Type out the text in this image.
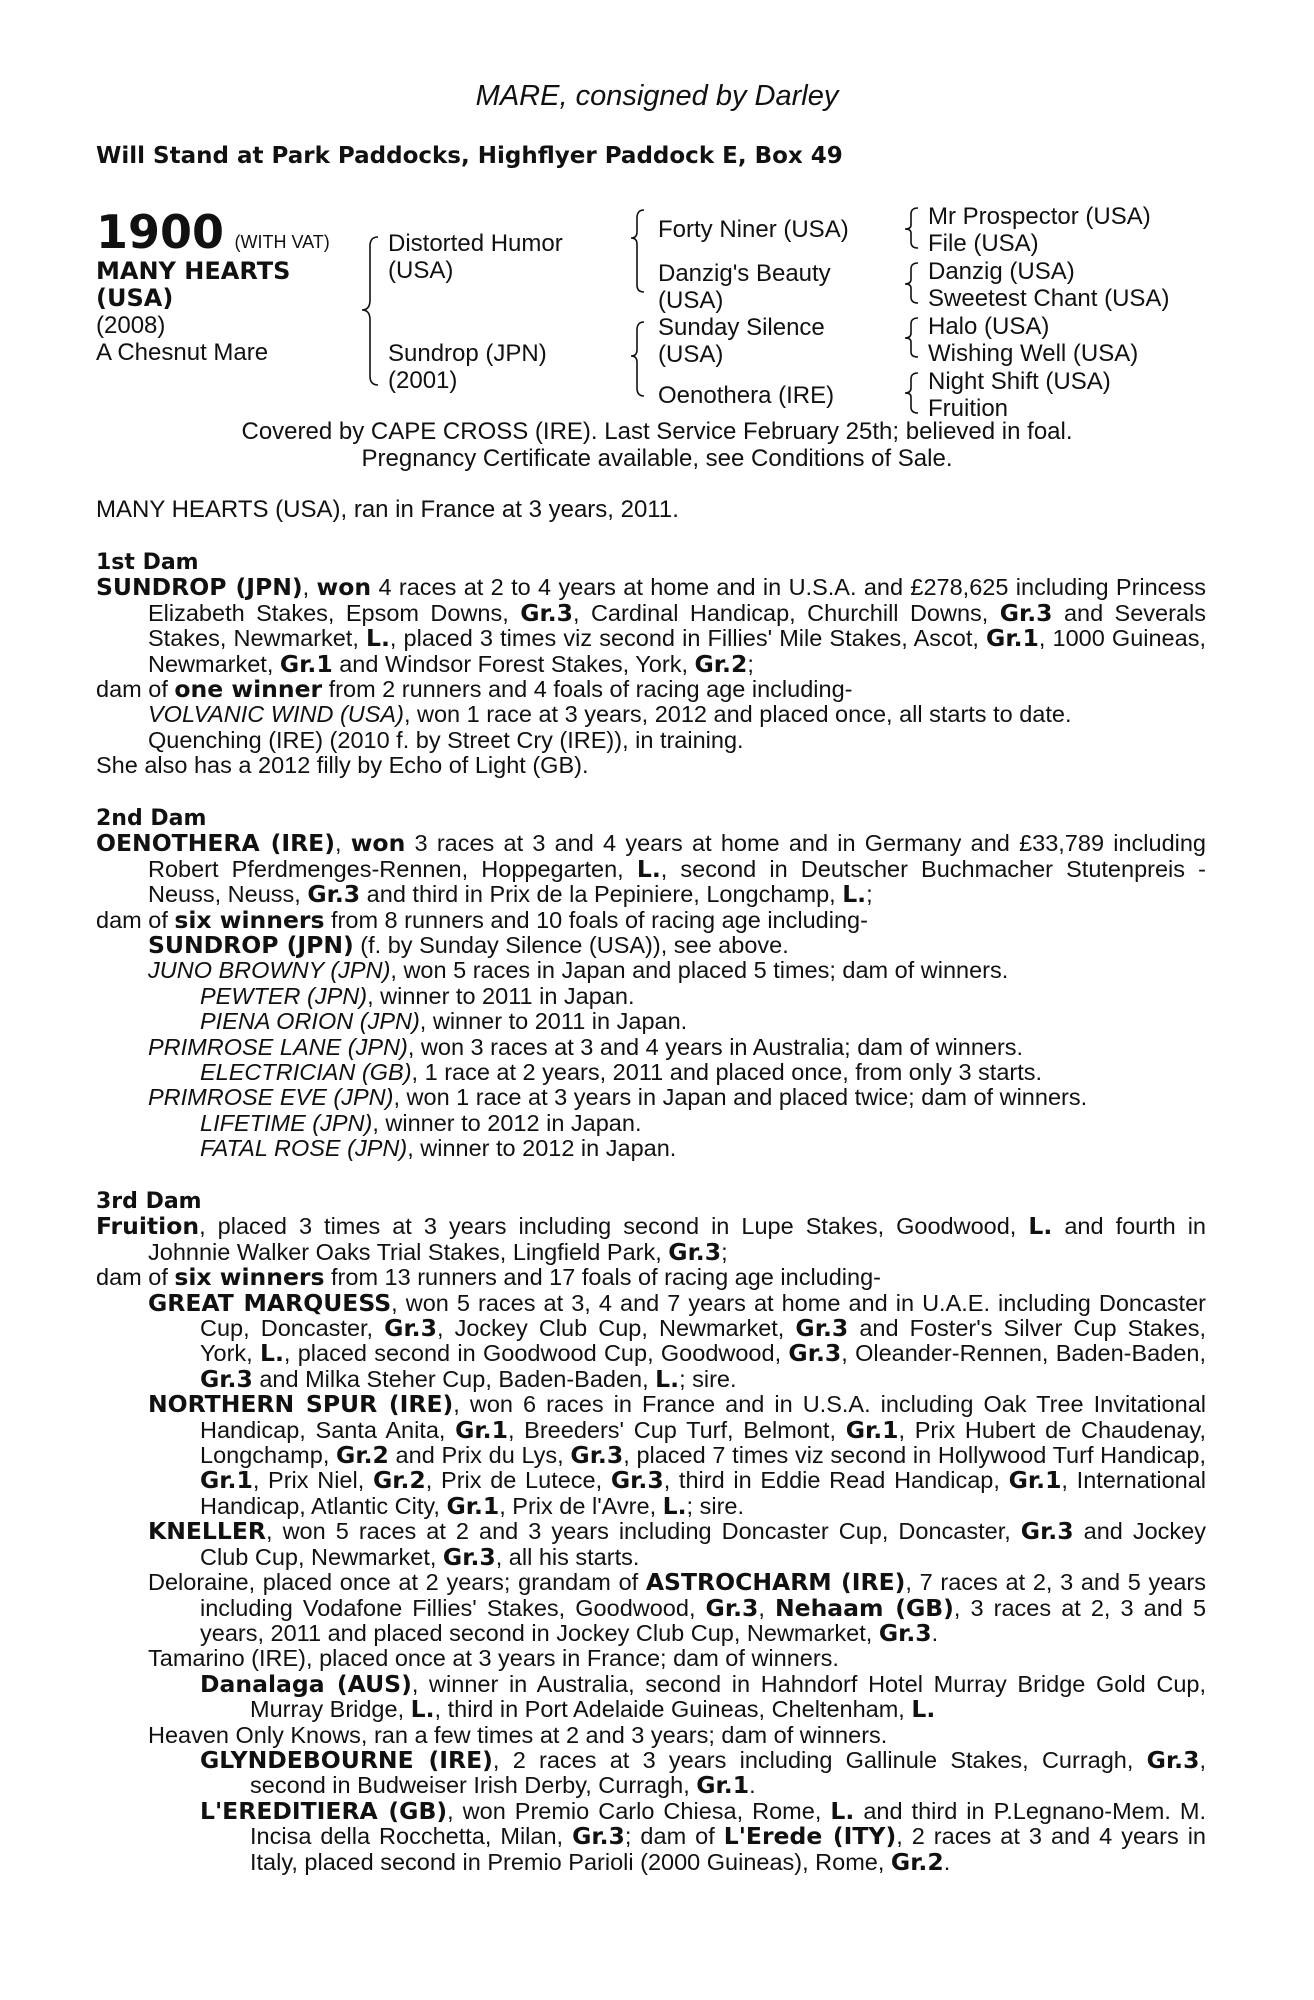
MARE, consigned by Darley
Will Stand at Park Paddocks, Highflyer Paddock E, Box 49
1900 (WITH VAT)
MANY HEARTS
(USA)
(2008)
A Chesnut Mare
Distorted Humor
(USA)
Sundrop (JPN)
(2001)
Forty Niner (USA)
Danzig's Beauty
(USA)
Sunday Silence
(USA)
Oenothera (IRE)
Mr Prospector (USA)
File (USA)
Danzig (USA)
Sweetest Chant (USA)
Halo (USA)
Wishing Well (USA)
Night Shift (USA)
Fruition
Covered by CAPE CROSS (IRE). Last Service February 25th; believed in foal.
Pregnancy Certificate available, see Conditions of Sale.
MANY HEARTS (USA), ran in France at 3 years, 2011.
1st Dam

SUNDROP (JPN), won 4 races at 2 to 4 years at home and in U.S.A. and £278,625 including Princess Elizabeth Stakes, Epsom Downs, Gr.3, Cardinal Handicap, Churchill Downs, Gr.3 and Severals Stakes, Newmarket, L., placed 3 times viz second in Fillies' Mile Stakes, Ascot, Gr.1, 1000 Guineas, Newmarket, Gr.1 and Windsor Forest Stakes, York, Gr.2;

dam of one winner from 2 runners and 4 foals of racing age including-

VOLVANIC WIND (USA), won 1 race at 3 years, 2012 and placed once, all starts to date.

Quenching (IRE) (2010 f. by Street Cry (IRE)), in training.

She also has a 2012 filly by Echo of Light (GB).

2nd Dam

OENOTHERA (IRE), won 3 races at 3 and 4 years at home and in Germany and £33,789 including Robert Pferdmenges-Rennen, Hoppegarten, L., second in Deutscher Buchmacher Stutenpreis - Neuss, Neuss, Gr.3 and third in Prix de la Pepiniere, Longchamp, L.;

dam of six winners from 8 runners and 10 foals of racing age including-

SUNDROP (JPN) (f. by Sunday Silence (USA)), see above.

JUNO BROWNY (JPN), won 5 races in Japan and placed 5 times; dam of winners.

PEWTER (JPN), winner to 2011 in Japan.

PIENA ORION (JPN), winner to 2011 in Japan.

PRIMROSE LANE (JPN), won 3 races at 3 and 4 years in Australia; dam of winners.

ELECTRICIAN (GB), 1 race at 2 years, 2011 and placed once, from only 3 starts.

PRIMROSE EVE (JPN), won 1 race at 3 years in Japan and placed twice; dam of winners.

LIFETIME (JPN), winner to 2012 in Japan.

FATAL ROSE (JPN), winner to 2012 in Japan.

3rd Dam

Fruition, placed 3 times at 3 years including second in Lupe Stakes, Goodwood, L. and fourth in Johnnie Walker Oaks Trial Stakes, Lingfield Park, Gr.3;

dam of six winners from 13 runners and 17 foals of racing age including-

GREAT MARQUESS, won 5 races at 3, 4 and 7 years at home and in U.A.E. including Doncaster Cup, Doncaster, Gr.3, Jockey Club Cup, Newmarket, Gr.3 and Foster's Silver Cup Stakes, York, L., placed second in Goodwood Cup, Goodwood, Gr.3, Oleander-Rennen, Baden-Baden, Gr.3 and Milka Steher Cup, Baden-Baden, L.; sire.

NORTHERN SPUR (IRE), won 6 races in France and in U.S.A. including Oak Tree Invitational Handicap, Santa Anita, Gr.1, Breeders' Cup Turf, Belmont, Gr.1, Prix Hubert de Chaudenay, Longchamp, Gr.2 and Prix du Lys, Gr.3, placed 7 times viz second in Hollywood Turf Handicap, Gr.1, Prix Niel, Gr.2, Prix de Lutece, Gr.3, third in Eddie Read Handicap, Gr.1, International Handicap, Atlantic City, Gr.1, Prix de l'Avre, L.; sire.

KNELLER, won 5 races at 2 and 3 years including Doncaster Cup, Doncaster, Gr.3 and Jockey Club Cup, Newmarket, Gr.3, all his starts.

Deloraine, placed once at 2 years; grandam of ASTROCHARM (IRE), 7 races at 2, 3 and 5 years including Vodafone Fillies' Stakes, Goodwood, Gr.3, Nehaam (GB), 3 races at 2, 3 and 5 years, 2011 and placed second in Jockey Club Cup, Newmarket, Gr.3.

Tamarino (IRE), placed once at 3 years in France; dam of winners.

Danalaga (AUS), winner in Australia, second in Hahndorf Hotel Murray Bridge Gold Cup, Murray Bridge, L., third in Port Adelaide Guineas, Cheltenham, L.

Heaven Only Knows, ran a few times at 2 and 3 years; dam of winners.

GLYNDEBOURNE (IRE), 2 races at 3 years including Gallinule Stakes, Curragh, Gr.3, second in Budweiser Irish Derby, Curragh, Gr.1.

L'EREDITIERA (GB), won Premio Carlo Chiesa, Rome, L. and third in P.Legnano-Mem. M. Incisa della Rocchetta, Milan, Gr.3; dam of L'Erede (ITY), 2 races at 3 and 4 years in Italy, placed second in Premio Parioli (2000 Guineas), Rome, Gr.2.
